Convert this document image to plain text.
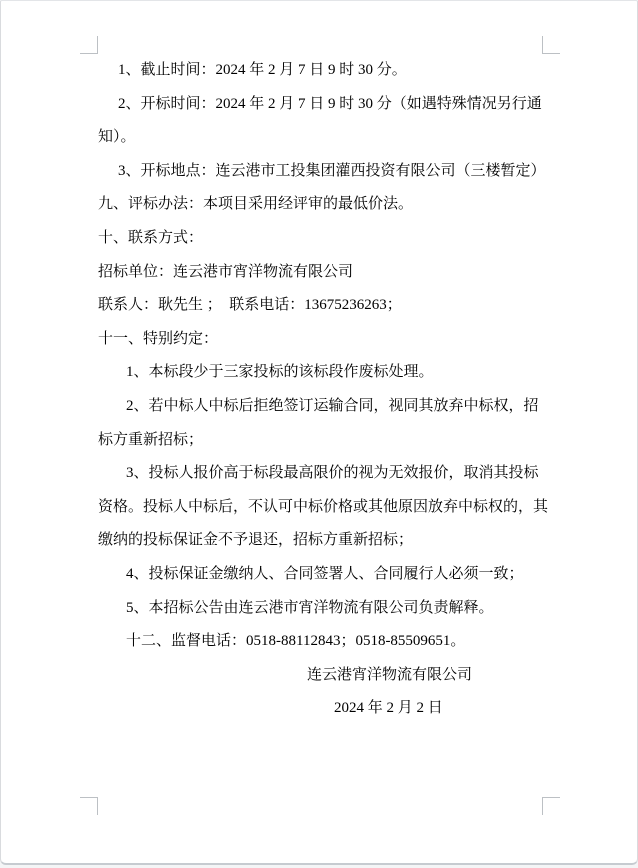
1、截止时间：2024 年 2 月 7 日 9 时 30 分。
2、开标时间：2024 年 2 月 7 日 9 时 30 分（如遇特殊情况另行通
知）。
3、开标地点：连云港市工投集团灌西投资有限公司（三楼暂定）
九、评标办法：本项目采用经评审的最低价法。
十、联系方式：
招标单位：连云港市宵洋物流有限公司
联系人：耿先生 ；　联系电话：13675236263；
十一、特别约定：
1、本标段少于三家投标的该标段作废标处理。
2、若中标人中标后拒绝签订运输合同，视同其放弃中标权，招
标方重新招标；
3、投标人报价高于标段最高限价的视为无效报价，取消其投标
资格。投标人中标后，不认可中标价格或其他原因放弃中标权的，其
缴纳的投标保证金不予退还，招标方重新招标；
4、投标保证金缴纳人、合同签署人、合同履行人必须一致；
5、本招标公告由连云港市宵洋物流有限公司负责解释。
十二、监督电话：0518-88112843；0518-85509651。
连云港宵洋物流有限公司
2024 年 2 月 2 日
